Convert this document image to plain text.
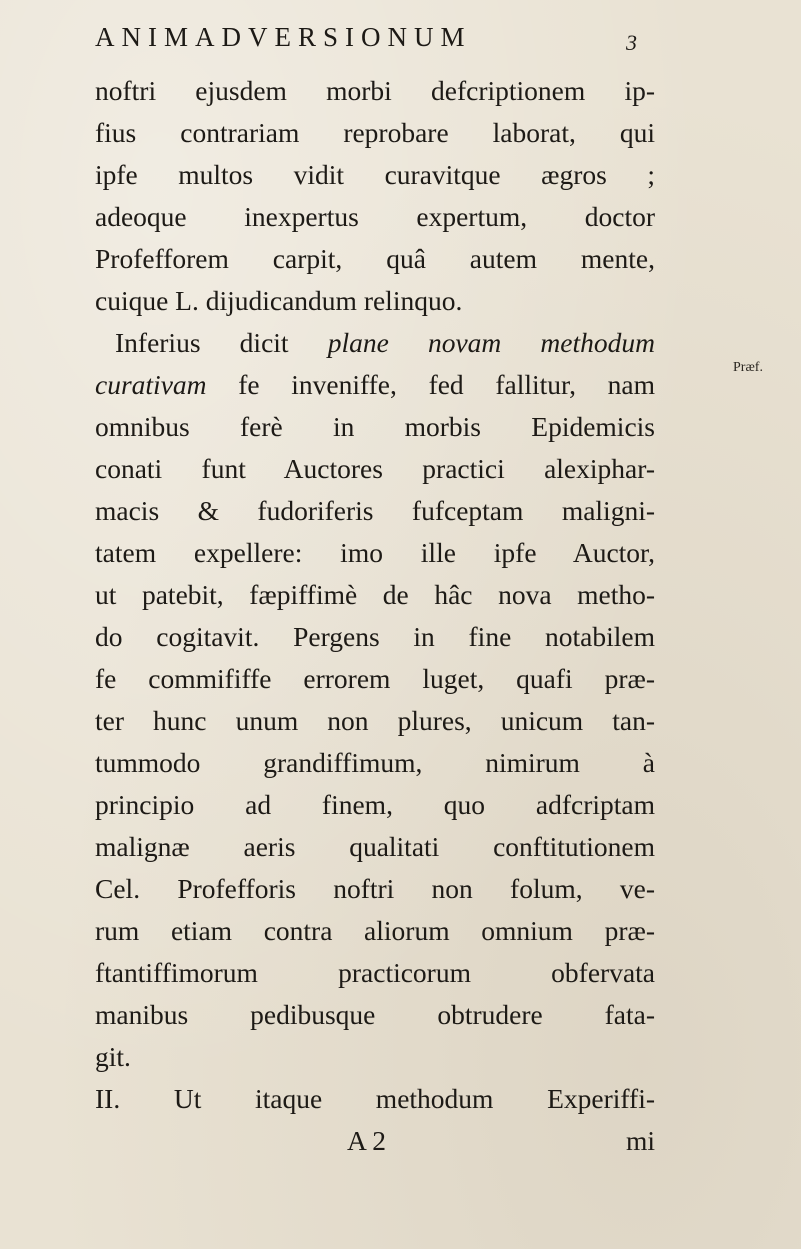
ANIMADVERSIONUM	3
Præf.
noftri ejusdem morbi defcriptionem ip-
fius contrariam reprobare laborat, qui
ipfe multos vidit curavitque ægros ;
adeoque inexpertus expertum, doctor
Profefforem carpit, quâ autem mente,
cuique L. dijudicandum relinquo.
Inferius dicit plane novam methodum
curativam fe inveniffe, fed fallitur, nam
omnibus ferè in morbis Epidemicis
conati funt Auctores practici alexiphar-
macis & fudoriferis fufceptam maligni-
tatem expellere: imo ille ipfe Auctor,
ut patebit, fæpiffimè de hâc nova metho-
do cogitavit. Pergens in fine notabilem
fe commififfe errorem luget, quafi præ-
ter hunc unum non plures, unicum tan-
tummodo grandiffimum, nimirum à
principio ad finem, quo adfcriptam
malignæ aeris qualitati conftitutionem
Cel. Profefforis noftri non folum, ve-
rum etiam contra aliorum omnium præ-
ftantiffimorum practicorum obfervata
manibus pedibusque obtrudere fata-
git.
II. Ut itaque methodum Experiffi-
A 2	mi
